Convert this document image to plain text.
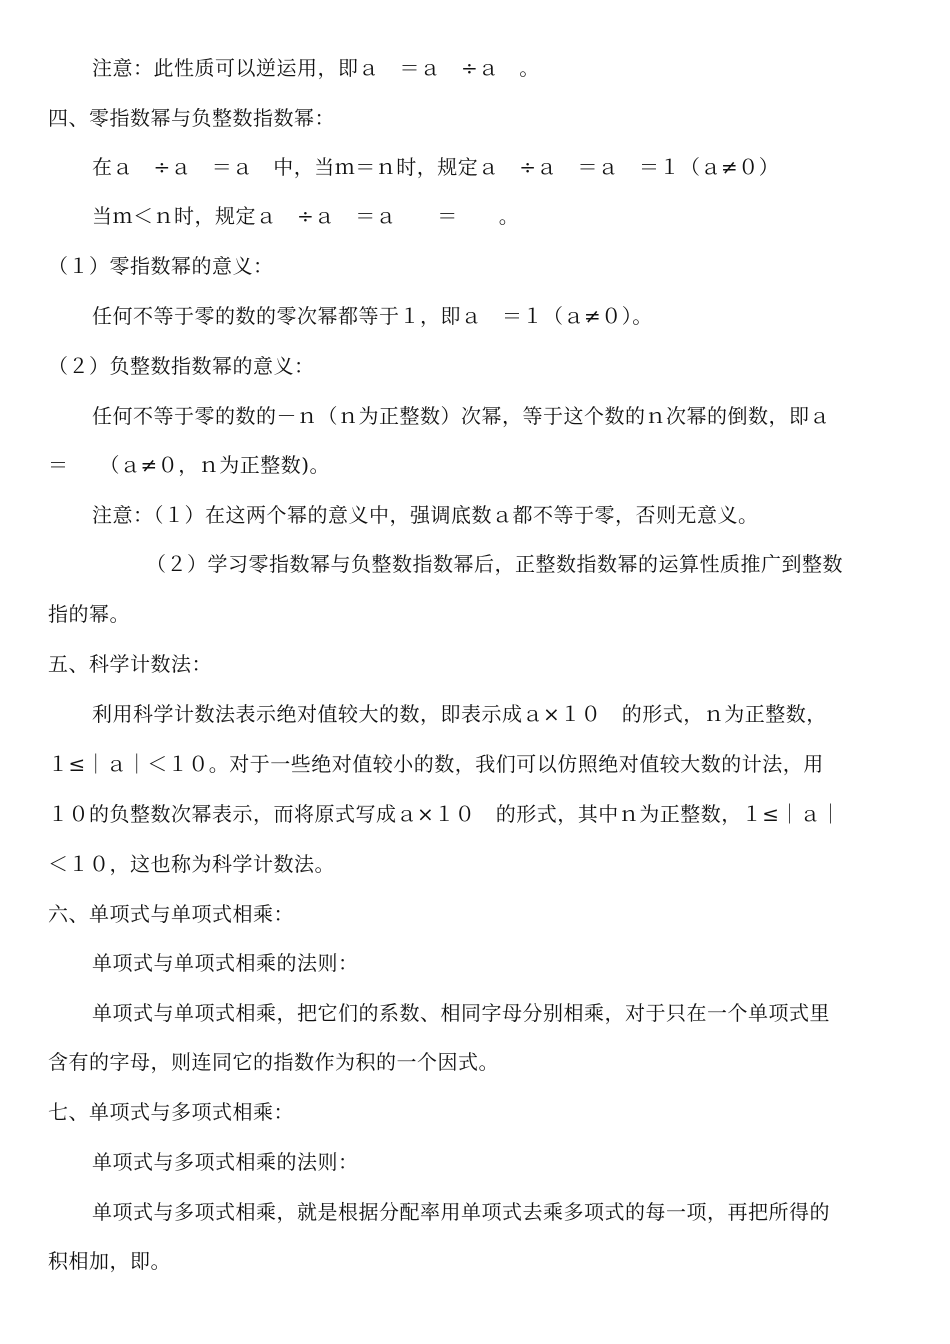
注意：此性质可以逆运用，即ａ　＝ａ　÷ａ　。
四、零指数幂与负整数指数幂：
在ａ　÷ａ　＝ａ　中，当ｍ＝ｎ时，规定ａ　÷ａ　＝ａ　＝１（ａ≠０）
当ｍ＜ｎ时，规定ａ　÷ａ　＝ａ　　＝　　。
（１）零指数幂的意义：
任何不等于零的数的零次幂都等于１，即ａ　＝１（ａ≠０）。
（２）负整数指数幂的意义：
任何不等于零的数的－ｎ（ｎ为正整数）次幂，等于这个数的ｎ次幂的倒数，即ａ
＝　　（ａ≠０，ｎ为正整数)。
注意：（１）在这两个幂的意义中，强调底数ａ都不等于零，否则无意义。
（２）学习零指数幂与负整数指数幂后，正整数指数幂的运算性质推广到整数
指的幂。
五、科学计数法：
利用科学计数法表示绝对值较大的数，即表示成ａ×１０　的形式，ｎ为正整数，
１≤｜ａ｜＜１０。对于一些绝对值较小的数，我们可以仿照绝对值较大数的计法，用
１０的负整数次幂表示，而将原式写成ａ×１０　的形式，其中ｎ为正整数，１≤｜ａ｜
＜１０，这也称为科学计数法。
六、单项式与单项式相乘：
单项式与单项式相乘的法则：
单项式与单项式相乘，把它们的系数、相同字母分别相乘，对于只在一个单项式里
含有的字母，则连同它的指数作为积的一个因式。
七、单项式与多项式相乘：
单项式与多项式相乘的法则：
单项式与多项式相乘，就是根据分配率用单项式去乘多项式的每一项，再把所得的
积相加，即。
